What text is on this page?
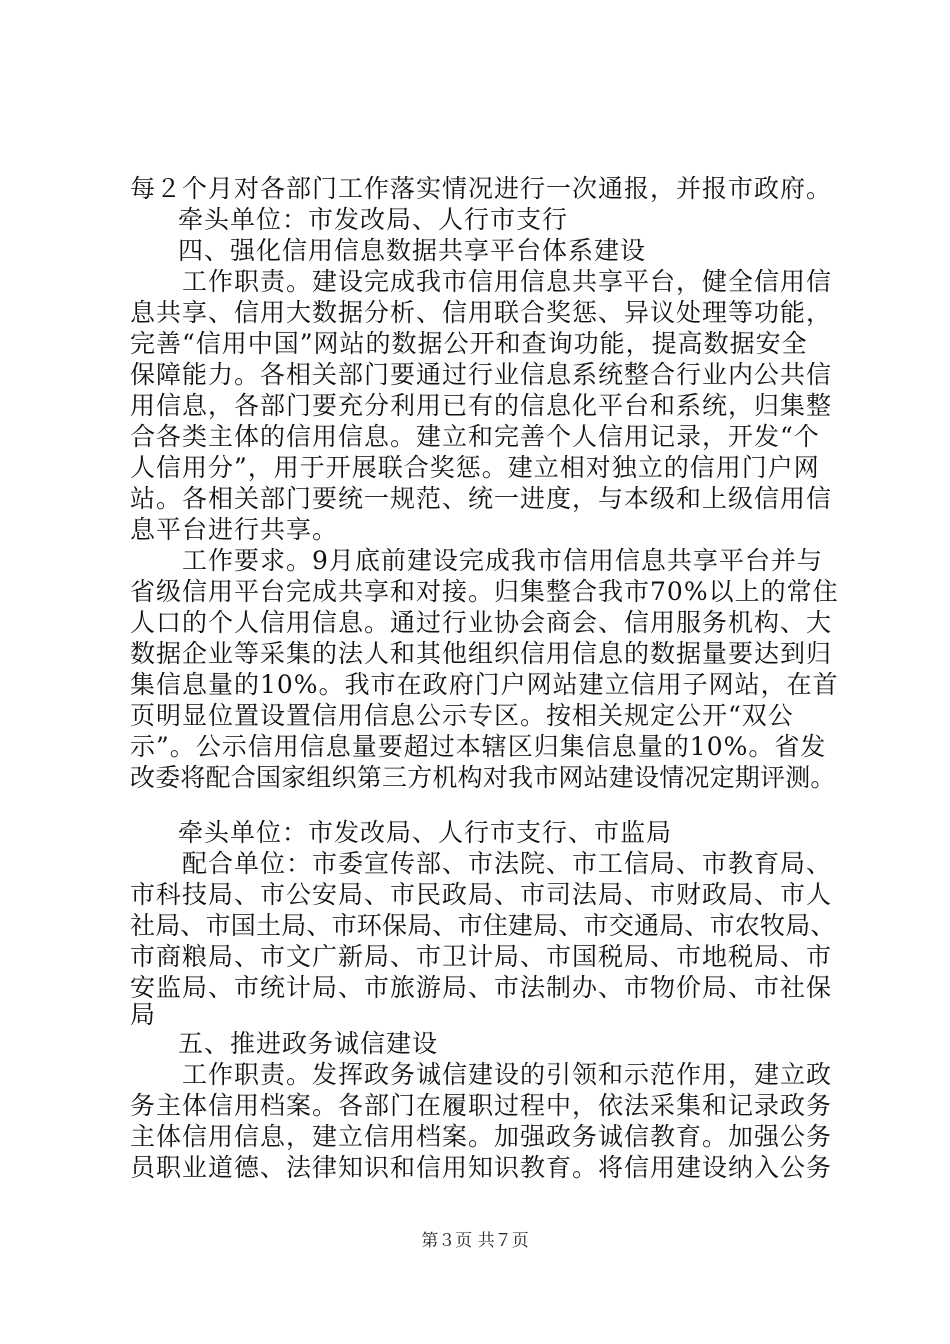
每２个月对各部门工作落实情况进行一次通报，并报市政府。
牵头单位：市发改局、人行市支行
四、强化信用信息数据共享平台体系建设
工作职责。建设完成我市信用信息共享平台，健全信用信
息共享、信用大数据分析、信用联合奖惩、异议处理等功能，
完善“信用中国”网站的数据公开和查询功能，提高数据安全
保障能力。各相关部门要通过行业信息系统整合行业内公共信
用信息，各部门要充分利用已有的信息化平台和系统，归集整
合各类主体的信用信息。建立和完善个人信用记录，开发“个
人信用分”，用于开展联合奖惩。建立相对独立的信用门户网
站。各相关部门要统一规范、统一进度，与本级和上级信用信
息平台进行共享。
工作要求。9月底前建设完成我市信用信息共享平台并与
省级信用平台完成共享和对接。归集整合我市70%以上的常住
人口的个人信用信息。通过行业协会商会、信用服务机构、大
数据企业等采集的法人和其他组织信用信息的数据量要达到归
集信息量的10%。我市在政府门户网站建立信用子网站，在首
页明显位置设置信用信息公示专区。按相关规定公开“双公
示”。公示信用信息量要超过本辖区归集信息量的10%。省发
改委将配合国家组织第三方机构对我市网站建设情况定期评测。
牵头单位：市发改局、人行市支行、市监局
配合单位：市委宣传部、市法院、市工信局、市教育局、
市科技局、市公安局、市民政局、市司法局、市财政局、市人
社局、市国土局、市环保局、市住建局、市交通局、市农牧局、
市商粮局、市文广新局、市卫计局、市国税局、市地税局、市
安监局、市统计局、市旅游局、市法制办、市物价局、市社保
局
五、推进政务诚信建设
工作职责。发挥政务诚信建设的引领和示范作用，建立政
务主体信用档案。各部门在履职过程中，依法采集和记录政务
主体信用信息，建立信用档案。加强政务诚信教育。加强公务
员职业道德、法律知识和信用知识教育。将信用建设纳入公务
第３页 共７页
